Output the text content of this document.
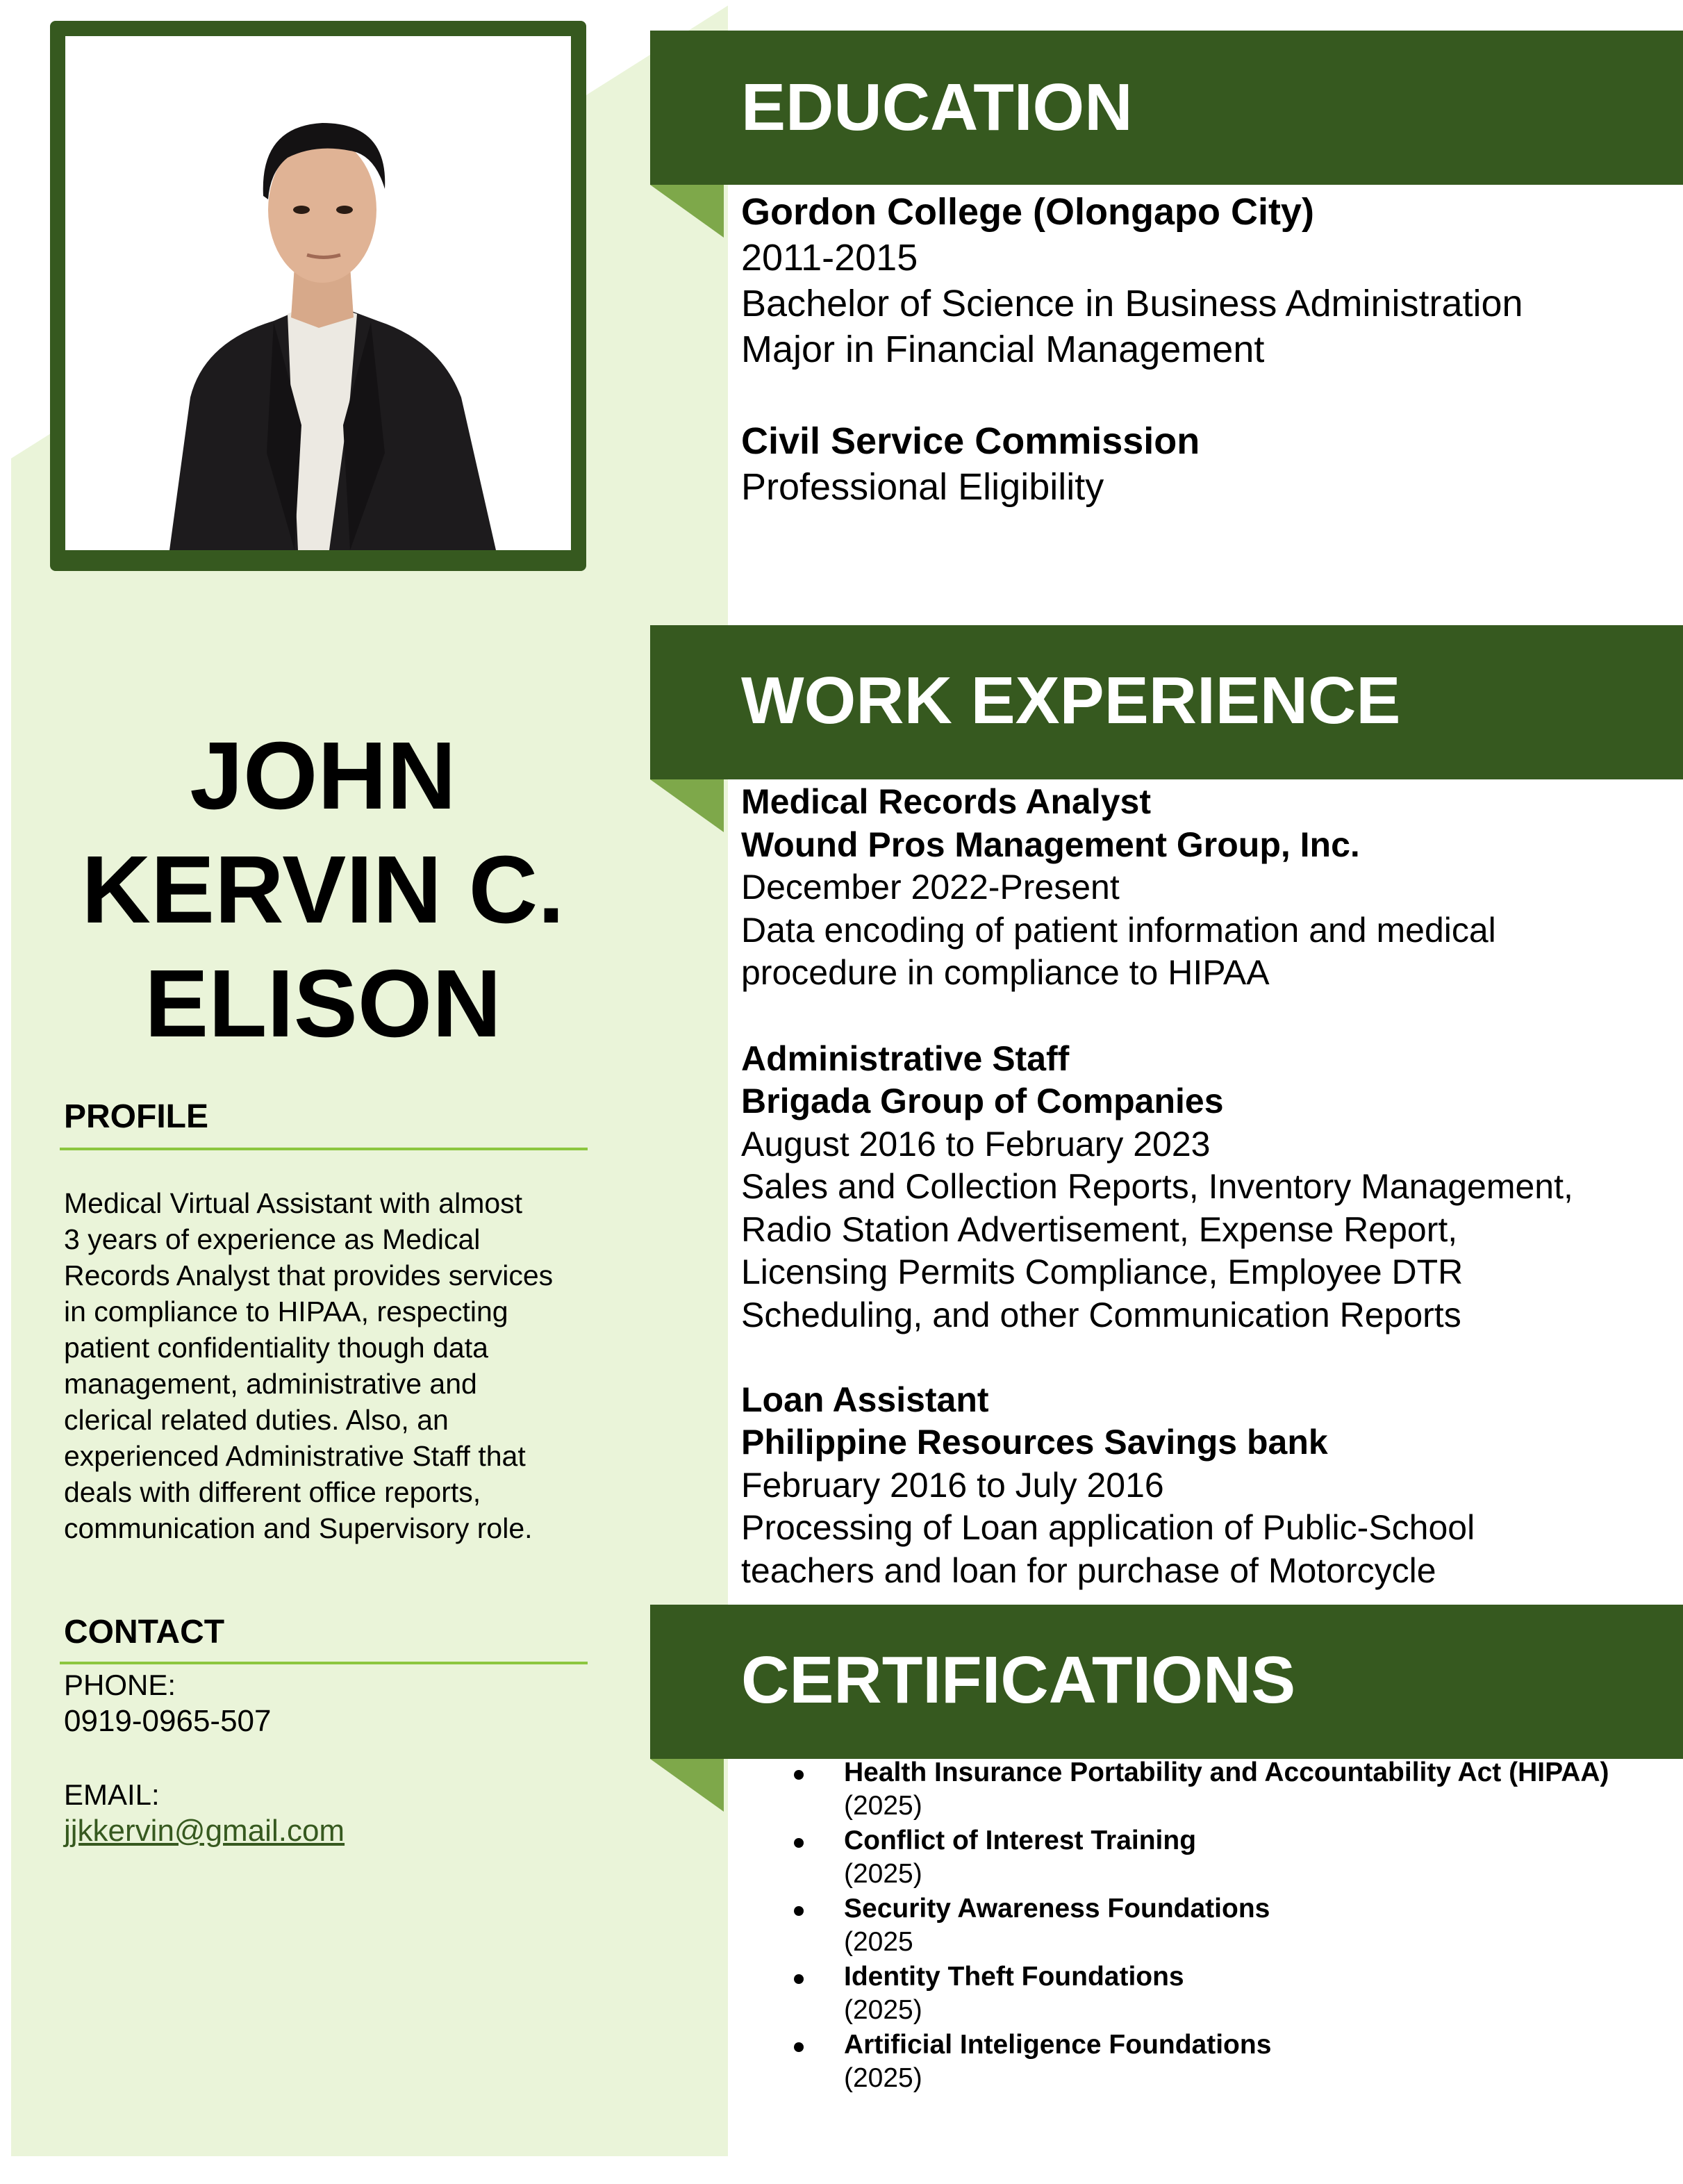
JOHN
KERVIN C.
ELISON
PROFILE
Medical Virtual Assistant with almost
3 years of experience as Medical
Records Analyst that provides services
in compliance to HIPAA, respecting
patient confidentiality though data
management, administrative and
clerical related duties. Also, an
experienced Administrative Staff that
deals with different office reports,
communication and Supervisory role.
CONTACT
PHONE:
0919-0965-507
EMAIL:
jjkkervin@gmail.com
EDUCATION
Gordon College (Olongapo City)
2011-2015
Bachelor of Science in Business Administration
Major in Financial Management
Civil Service Commission
Professional Eligibility
WORK EXPERIENCE
Medical Records Analyst
Wound Pros Management Group, Inc.
December 2022-Present
Data encoding of patient information and medical
procedure in compliance to HIPAA
Administrative Staff
Brigada Group of Companies
August 2016 to February 2023
Sales and Collection Reports, Inventory Management,
Radio Station Advertisement, Expense Report,
Licensing Permits Compliance, Employee DTR
Scheduling, and other Communication Reports
Loan Assistant
Philippine Resources Savings bank
February 2016 to July 2016
Processing of Loan application of Public-School
teachers and loan for purchase of Motorcycle
CERTIFICATIONS
Health Insurance Portability and Accountability Act (HIPAA)
(2025)
Conflict of Interest Training
(2025)
Security Awareness Foundations
(2025
Identity Theft Foundations
(2025)
Artificial Inteligence Foundations
(2025)
